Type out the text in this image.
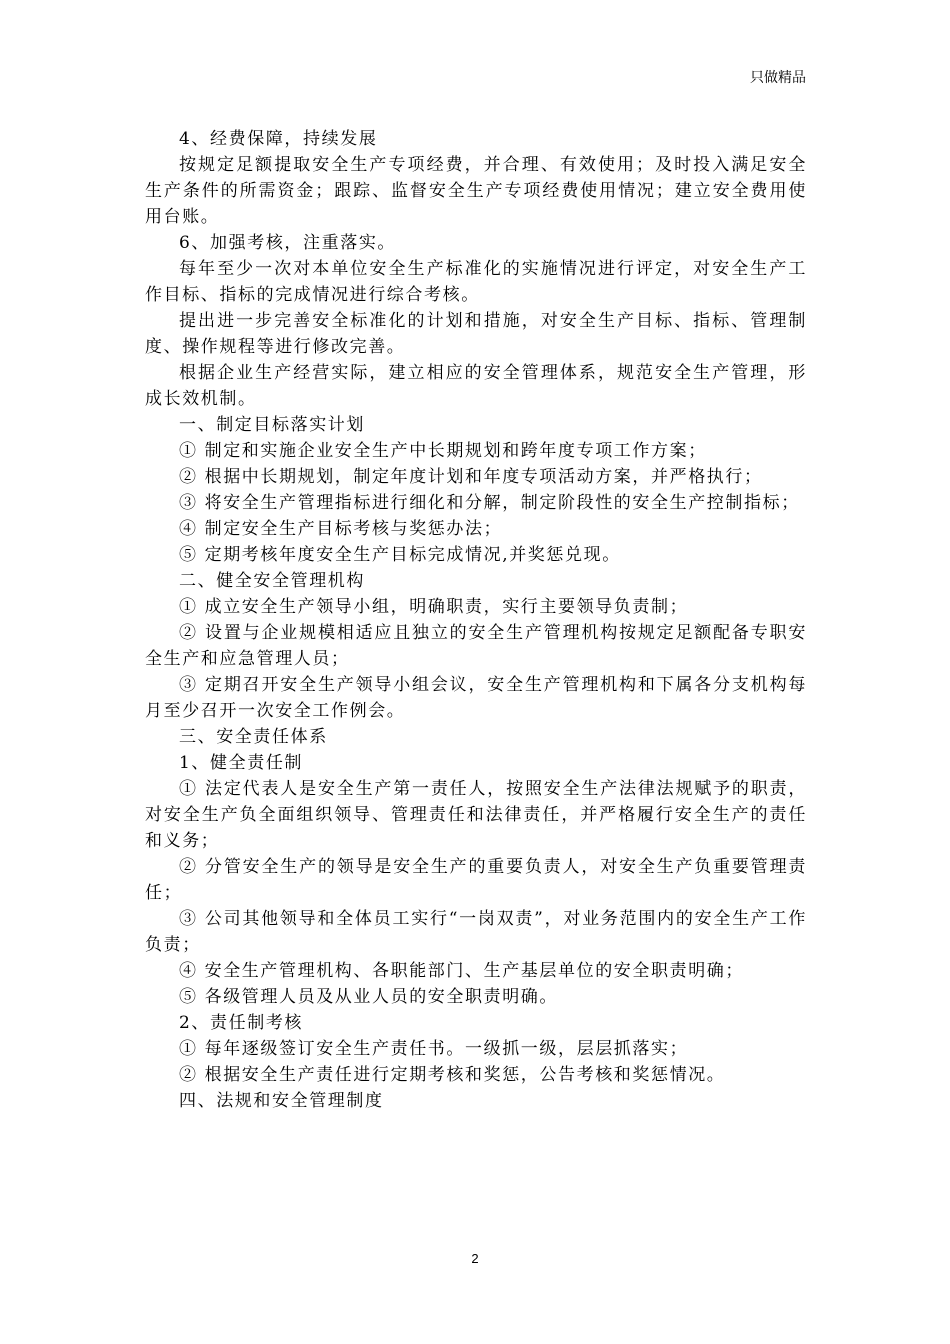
只做精品

4、经费保障，持续发展

按规定足额提取安全生产专项经费，并合理、有效使用；及时投入满足安全生产条件的所需资金；跟踪、监督安全生产专项经费使用情况；建立安全费用使用台账。

6、加强考核，注重落实。

每年至少一次对本单位安全生产标准化的实施情况进行评定，对安全生产工作目标、指标的完成情况进行综合考核。

提出进一步完善安全标准化的计划和措施，对安全生产目标、指标、管理制度、操作规程等进行修改完善。

根据企业生产经营实际，建立相应的安全管理体系，规范安全生产管理，形成长效机制。

一、制定目标落实计划

① 制定和实施企业安全生产中长期规划和跨年度专项工作方案；

② 根据中长期规划，制定年度计划和年度专项活动方案，并严格执行；

③ 将安全生产管理指标进行细化和分解，制定阶段性的安全生产控制指标；

④ 制定安全生产目标考核与奖惩办法；

⑤ 定期考核年度安全生产目标完成情况,并奖惩兑现。

二、健全安全管理机构

① 成立安全生产领导小组，明确职责，实行主要领导负责制；

② 设置与企业规模相适应且独立的安全生产管理机构按规定足额配备专职安全生产和应急管理人员；

③ 定期召开安全生产领导小组会议，安全生产管理机构和下属各分支机构每月至少召开一次安全工作例会。

三、安全责任体系

1、健全责任制

① 法定代表人是安全生产第一责任人，按照安全生产法律法规赋予的职责，对安全生产负全面组织领导、管理责任和法律责任，并严格履行安全生产的责任和义务；

② 分管安全生产的领导是安全生产的重要负责人，对安全生产负重要管理责任；

③ 公司其他领导和全体员工实行“一岗双责”，对业务范围内的安全生产工作负责；

④ 安全生产管理机构、各职能部门、生产基层单位的安全职责明确；

⑤ 各级管理人员及从业人员的安全职责明确。

2、责任制考核

① 每年逐级签订安全生产责任书。一级抓一级，层层抓落实；

② 根据安全生产责任进行定期考核和奖惩，公告考核和奖惩情况。

四、法规和安全管理制度

2
